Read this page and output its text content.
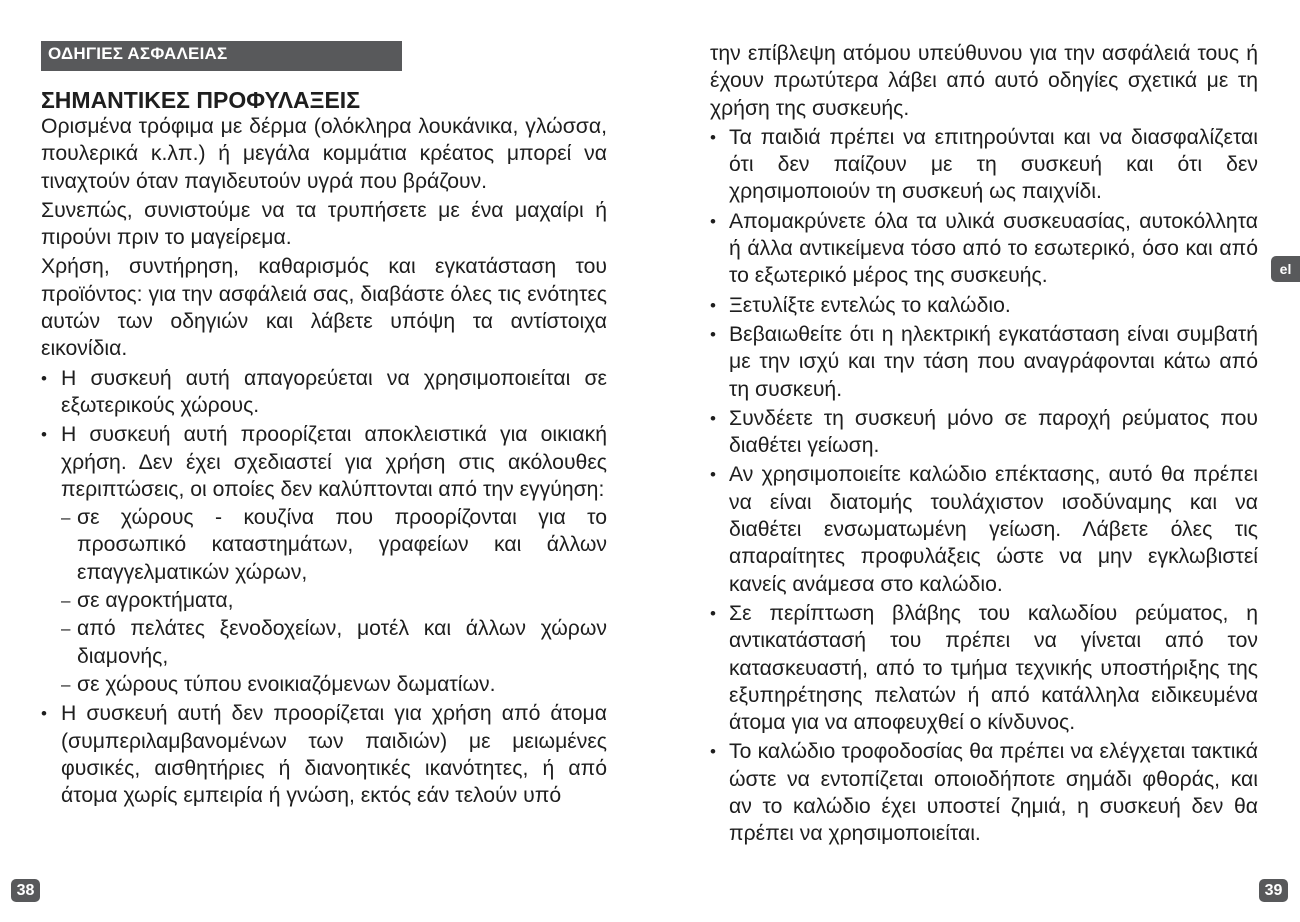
ΟΔΗΓΙΕΣ ΑΣΦΑΛΕΙΑΣ
ΣΗΜΑΝΤΙΚΕΣ ΠΡΟΦΥΛΑΞΕΙΣ

Ορισμένα τρόφιμα με δέρμα (ολόκληρα λουκάνικα, γλώσσα, πουλερικά κ.λπ.) ή μεγάλα κομμάτια κρέατος μπορεί να τιναχτούν όταν παγιδευτούν υγρά που βράζουν.

Συνεπώς, συνιστούμε να τα τρυπήσετε με ένα μαχαίρι ή πιρούνι πριν το μαγείρεμα.

Χρήση, συντήρηση, καθαρισμός και εγκατάσταση του προϊόντος: για την ασφάλειά σας, διαβάστε όλες τις ενότητες αυτών των οδηγιών και λάβετε υπόψη τα αντίστοιχα εικονίδια.

• Η συσκευή αυτή απαγορεύεται να χρησιμοποιείται σε εξωτερικούς χώρους.
• Η συσκευή αυτή προορίζεται αποκλειστικά για οικιακή χρήση. Δεν έχει σχεδιαστεί για χρήση στις ακόλουθες περιπτώσεις, οι οποίες δεν καλύπτονται από την εγγύηση:
– σε χώρους - κουζίνα που προορίζονται για το προσωπικό καταστημάτων, γραφείων και άλλων επαγγελματικών χώρων,
– σε αγροκτήματα,
– από πελάτες ξενοδοχείων, μοτέλ και άλλων χώρων διαμονής,
– σε χώρους τύπου ενοικιαζόμενων δωματίων.
• Η συσκευή αυτή δεν προορίζεται για χρήση από άτομα (συμπεριλαμβανομένων των παιδιών) με μειωμένες φυσικές, αισθητήριες ή διανοητικές ικανότητες, ή από άτομα χωρίς εμπειρία ή γνώση, εκτός εάν τελούν υπό
38

την επίβλεψη ατόμου υπεύθυνου για την ασφάλειά τους ή έχουν πρωτύτερα λάβει από αυτό οδηγίες σχετικά με τη χρήση της συσκευής.

• Τα παιδιά πρέπει να επιτηρούνται και να διασφαλίζεται ότι δεν παίζουν με τη συσκευή και ότι δεν χρησιμοποιούν τη συσκευή ως παιχνίδι.
• Απομακρύνετε όλα τα υλικά συσκευασίας, αυτοκόλλητα ή άλλα αντικείμενα τόσο από το εσωτερικό, όσο και από το εξωτερικό μέρος της συσκευής.
• Ξετυλίξτε εντελώς το καλώδιο.
• Βεβαιωθείτε ότι η ηλεκτρική εγκατάσταση είναι συμβατή με την ισχύ και την τάση που αναγράφονται κάτω από τη συσκευή.
• Συνδέετε τη συσκευή μόνο σε παροχή ρεύματος που διαθέτει γείωση.
• Αν χρησιμοποιείτε καλώδιο επέκτασης, αυτό θα πρέπει να είναι διατομής τουλάχιστον ισοδύναμης και να διαθέτει ενσωματωμένη γείωση. Λάβετε όλες τις απαραίτητες προφυλάξεις ώστε να μην εγκλωβιστεί κανείς ανάμεσα στο καλώδιο.
• Σε περίπτωση βλάβης του καλωδίου ρεύματος, η αντικατάστασή του πρέπει να γίνεται από τον κατασκευαστή, από το τμήμα τεχνικής υποστήριξης της εξυπηρέτησης πελατών ή από κατάλληλα ειδικευμένα άτομα για να αποφευχθεί ο κίνδυνος.
• Το καλώδιο τροφοδοσίας θα πρέπει να ελέγχεται τακτικά ώστε να εντοπίζεται οποιοδήποτε σημάδι φθοράς, και αν το καλώδιο έχει υποστεί ζημιά, η συσκευή δεν θα πρέπει να χρησιμοποιείται.
el
39
